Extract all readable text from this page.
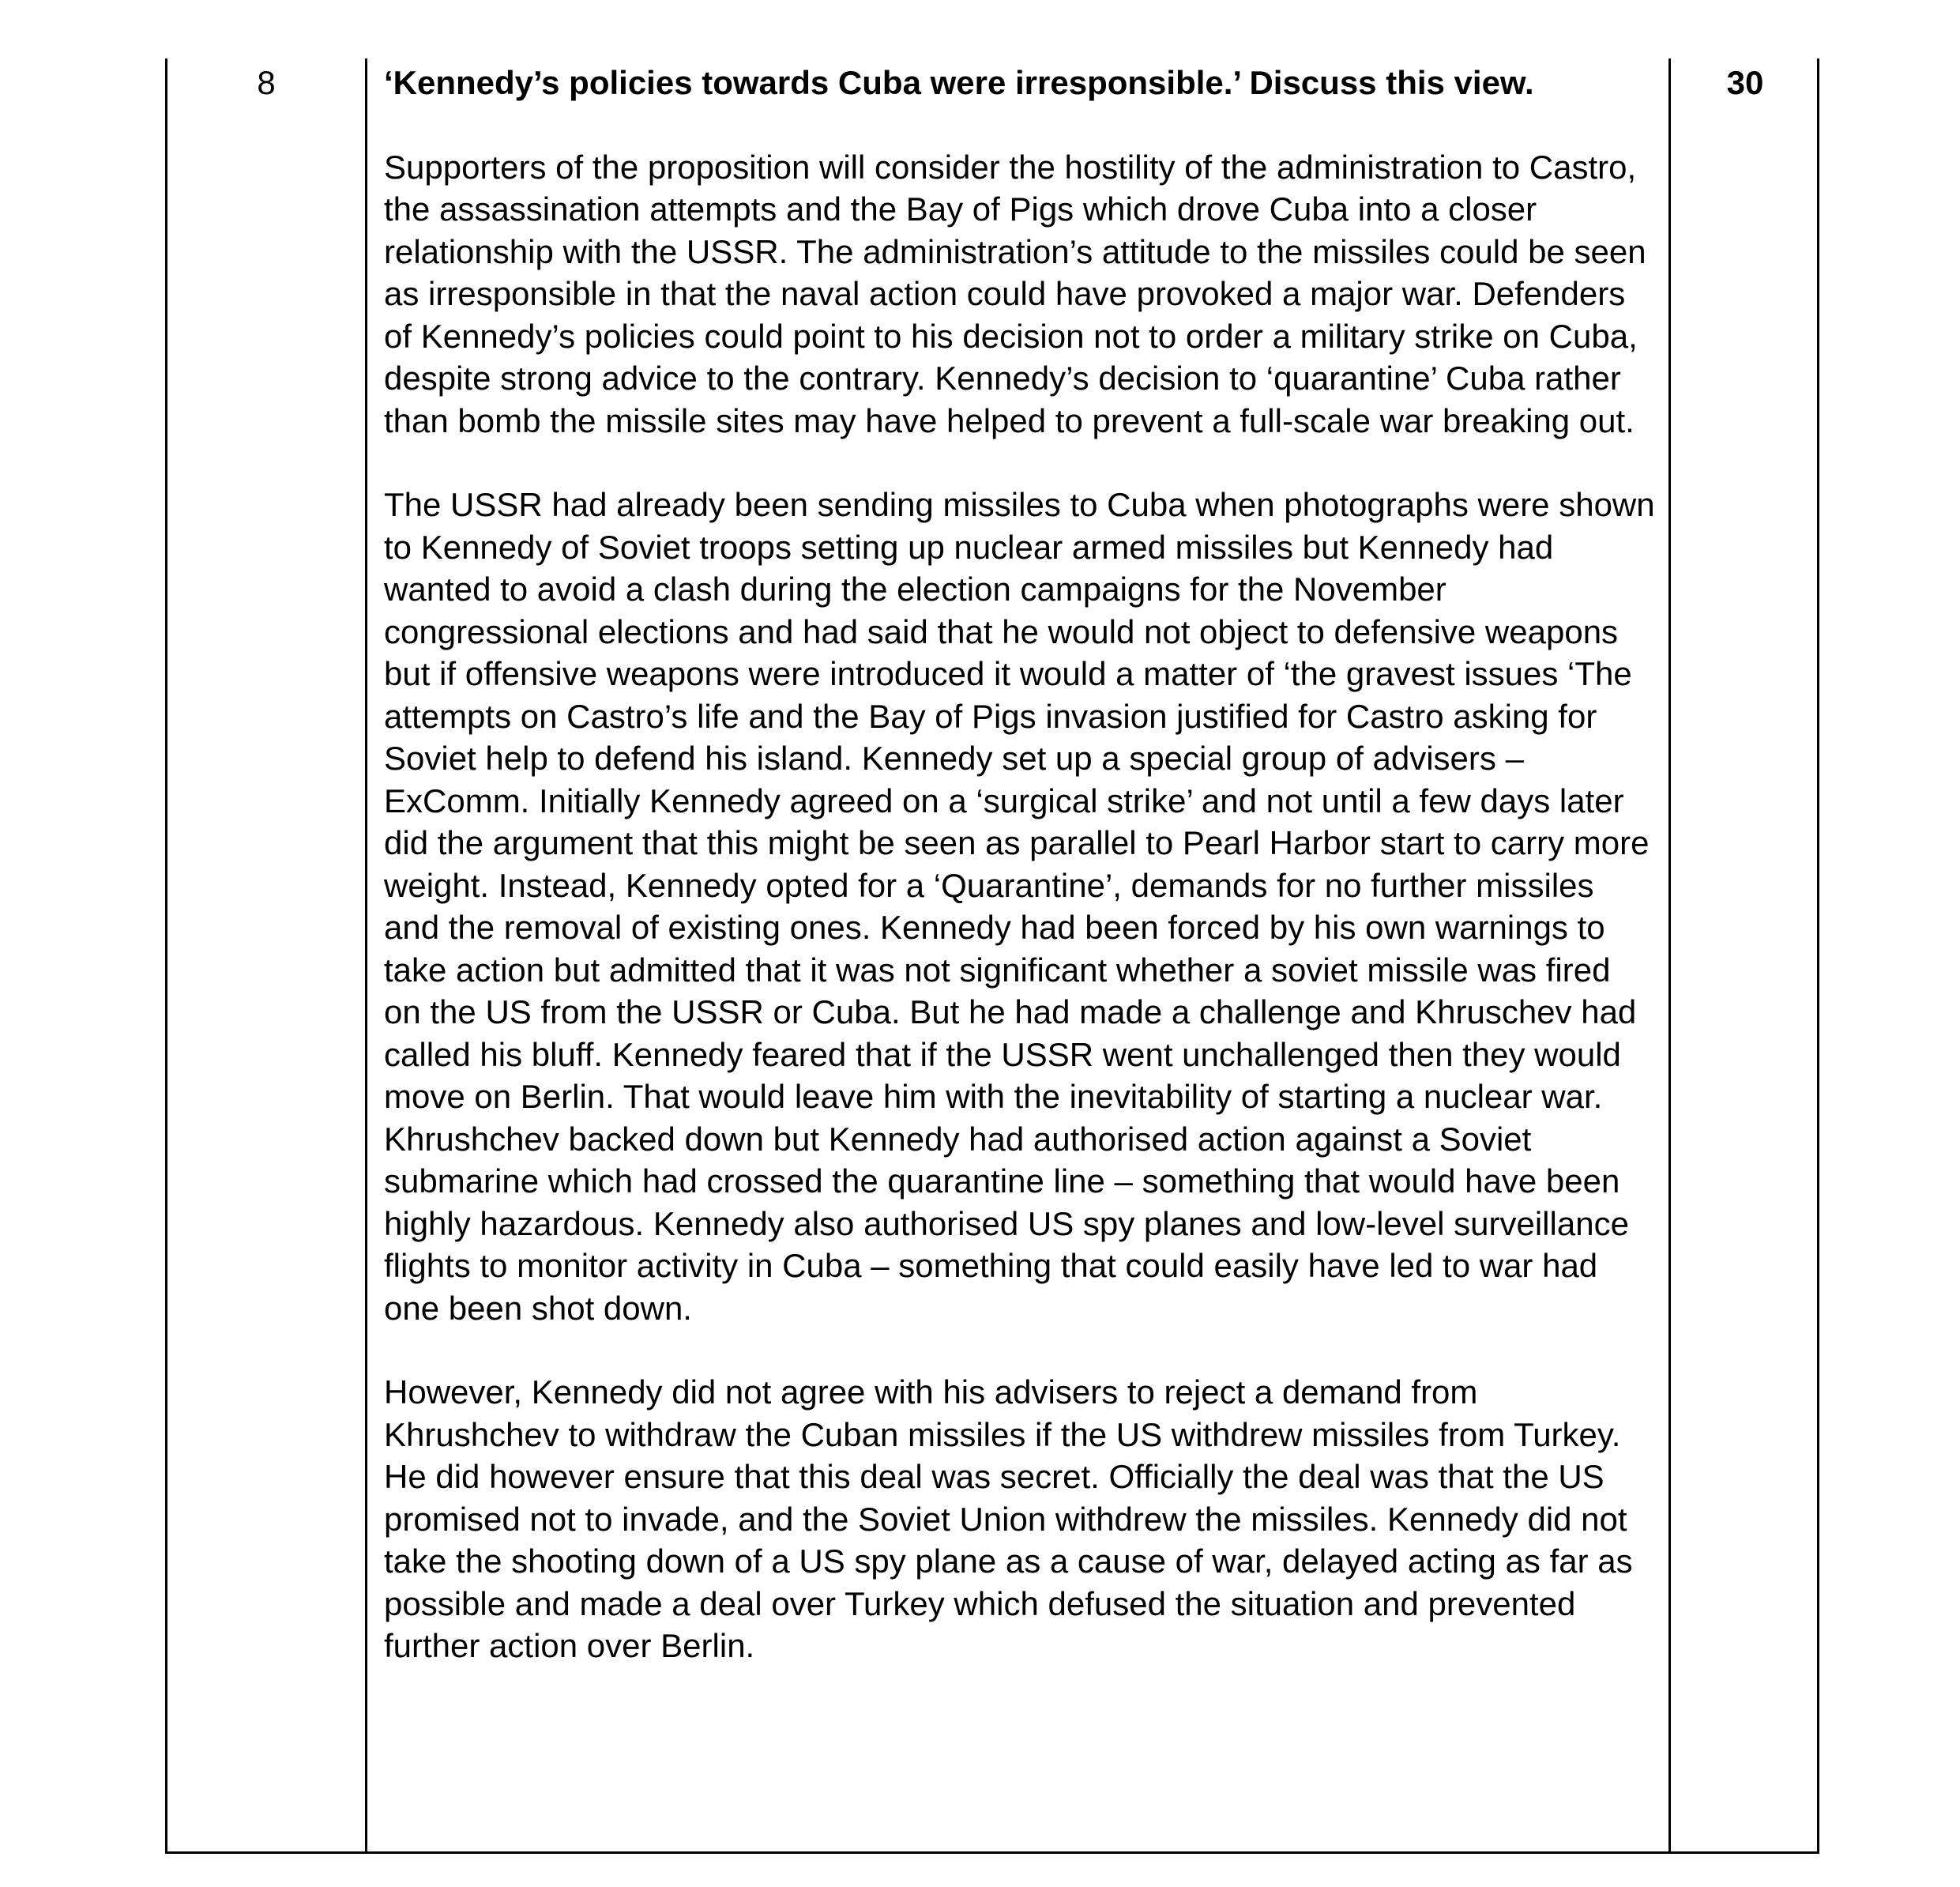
8	‘Kennedy’s policies towards Cuba were irresponsible.’ Discuss this view.
Supporters of the proposition will consider the hostility of the administration to Castro, the assassination attempts and the Bay of Pigs which drove Cuba into a closer relationship with the USSR. The administration’s attitude to the missiles could be seen as irresponsible in that the naval action could have provoked a major war. Defenders of Kennedy’s policies could point to his decision not to order a military strike on Cuba, despite strong advice to the contrary. Kennedy’s decision to ‘quarantine’ Cuba rather than bomb the missile sites may have helped to prevent a full-scale war breaking out.
The USSR had already been sending missiles to Cuba when photographs were shown to Kennedy of Soviet troops setting up nuclear armed missiles but Kennedy had wanted to avoid a clash during the election campaigns for the November congressional elections and had said that he would not object to defensive weapons but if offensive weapons were introduced it would a matter of ‘the gravest issues ‘The attempts on Castro’s life and the Bay of Pigs invasion justified for Castro asking for Soviet help to defend his island. Kennedy set up a special group of advisers – ExComm. Initially Kennedy agreed on a ‘surgical strike’ and not until a few days later did the argument that this might be seen as parallel to Pearl Harbor start to carry more weight. Instead, Kennedy opted for a ‘Quarantine’, demands for no further missiles and the removal of existing ones. Kennedy had been forced by his own warnings to take action but admitted that it was not significant whether a soviet missile was fired on the US from the USSR or Cuba. But he had made a challenge and Khruschev had called his bluff. Kennedy feared that if the USSR went unchallenged then they would move on Berlin. That would leave him with the inevitability of starting a nuclear war. Khrushchev backed down but Kennedy had authorised action against a Soviet submarine which had crossed the quarantine line – something that would have been highly hazardous. Kennedy also authorised US spy planes and low-level surveillance flights to monitor activity in Cuba – something that could easily have led to war had one been shot down.
However, Kennedy did not agree with his advisers to reject a demand from Khrushchev to withdraw the Cuban missiles if the US withdrew missiles from Turkey. He did however ensure that this deal was secret. Officially the deal was that the US promised not to invade, and the Soviet Union withdrew the missiles. Kennedy did not take the shooting down of a US spy plane as a cause of war, delayed acting as far as possible and made a deal over Turkey which defused the situation and prevented further action over Berlin.
30
